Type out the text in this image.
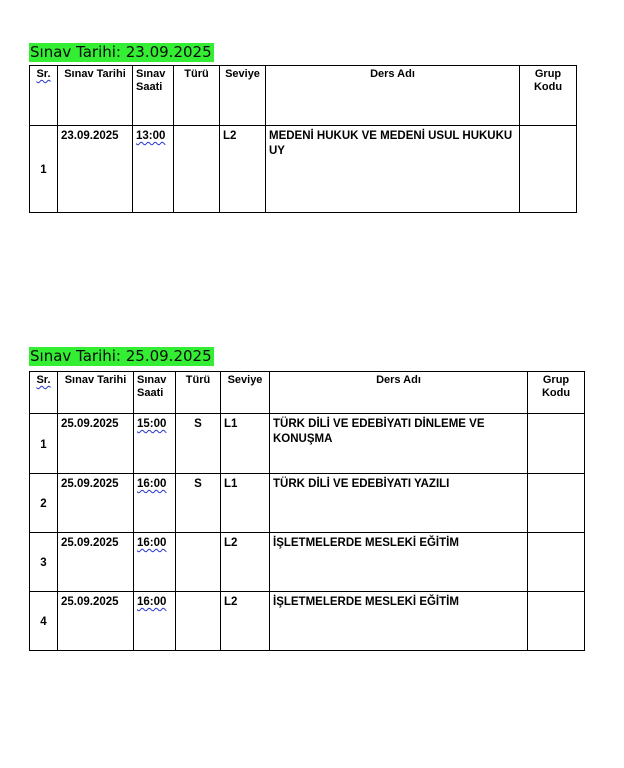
Sınav Tarihi: 23.09.2025
Sr.	Sınav Tarihi	Sınav Saati	Türü	Seviye	Ders Adı	Grup Kodu
1	23.09.2025	13:00		L2	MEDENİ HUKUK VE MEDENİ USUL HUKUKU UY	
Sınav Tarihi: 25.09.2025
Sr.	Sınav Tarihi	Sınav Saati	Türü	Seviye	Ders Adı	Grup Kodu
1	25.09.2025	15:00	S	L1	TÜRK DİLİ VE EDEBİYATI DİNLEME VE KONUŞMA	
2	25.09.2025	16:00	S	L1	TÜRK DİLİ VE EDEBİYATI YAZILI	
3	25.09.2025	16:00		L2	İŞLETMELERDE MESLEKİ EĞİTİM	
4	25.09.2025	16:00		L2	İŞLETMELERDE MESLEKİ EĞİTİM	
